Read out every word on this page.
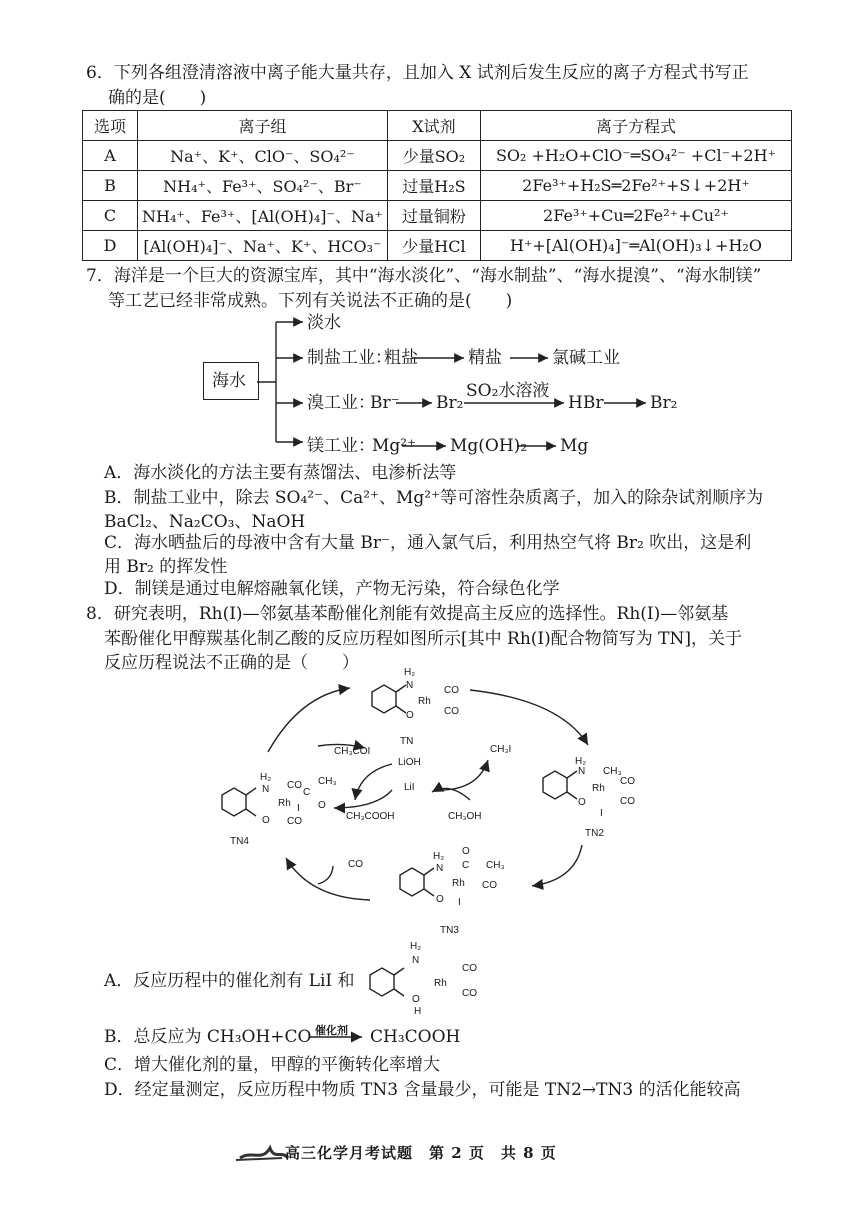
6．下列各组澄清溶液中离子能大量共存，且加入 X 试剂后发生反应的离子方程式书写正
确的是(　　)
选项	离子组	X试剂	离子方程式
A	Na⁺、K⁺、ClO⁻、SO₄²⁻	少量SO₂	SO₂ +H₂O+ClO⁻═SO₄²⁻ +Cl⁻+2H⁺
B	NH₄⁺、Fe³⁺、SO₄²⁻、Br⁻	过量H₂S	2Fe³⁺+H₂S═2Fe²⁺+S↓+2H⁺
C	NH₄⁺、Fe³⁺、[Al(OH)₄]⁻、Na⁺	过量铜粉	2Fe³⁺+Cu═2Fe²⁺+Cu²⁺
D	[Al(OH)₄]⁻、Na⁺、K⁺、HCO₃⁻	少量HCl	H⁺+[Al(OH)₄]⁻═Al(OH)₃↓+H₂O
7．海洋是一个巨大的资源宝库，其中“海水淡化”、“海水制盐”、“海水提溴”、“海水制镁”
等工艺已经非常成熟。下列有关说法不正确的是(　　)
海水
淡水
制盐工业：
粗盐	精盐	氯碱工业
溴工业：
Br⁻ Br₂
SO₂水溶液
HBr	Br₂
镁工业：
Mg²⁺ Mg(OH)₂ Mg
A．海水淡化的方法主要有蒸馏法、电渗析法等
B．制盐工业中，除去 SO₄²⁻、Ca²⁺、Mg²⁺等可溶性杂质离子，加入的除杂试剂顺序为
BaCl₂、Na₂CO₃、NaOH
C．海水晒盐后的母液中含有大量 Br⁻，通入氯气后，利用热空气将 Br₂ 吹出，这是利
用 Br₂ 的挥发性
D．制镁是通过电解熔融氧化镁，产物无污染，符合绿色化学
8．研究表明，Rh(Ⅰ)—邻氨基苯酚催化剂能有效提高主反应的选择性。Rh(Ⅰ)—邻氨基
苯酚催化甲醇羰基化制乙酸的反应历程如图所示[其中 Rh(Ⅰ)配合物简写为 TN]，关于
反应历程说法不正确的是（　　）	H₂
N
O
Rh
CO
CO
TN
CH₃COI
LiOH
LiI
CH₃COOH	CH₃OH
CH₃I
H₂
N
O
Rh
CH₃
CO
CO
I
TN2
H₂
N
O
Rh
CO
C
CH₃
O
I
CO
TN4
CO
H₂
N
O
Rh
O
C CH₃
CO
I
TN3
A．反应历程中的催化剂有 LiI 和
H₂
N
O
H
Rh
CO
CO
B．总反应为 CH₃OH+CO 催化剂 CH₃COOH
C．增大催化剂的量，甲醇的平衡转化率增大
D．经定量测定，反应历程中物质 TN3 含量最少，可能是 TN2→TN3 的活化能较高
高三化学月考试题　第 2 页　共 8 页
